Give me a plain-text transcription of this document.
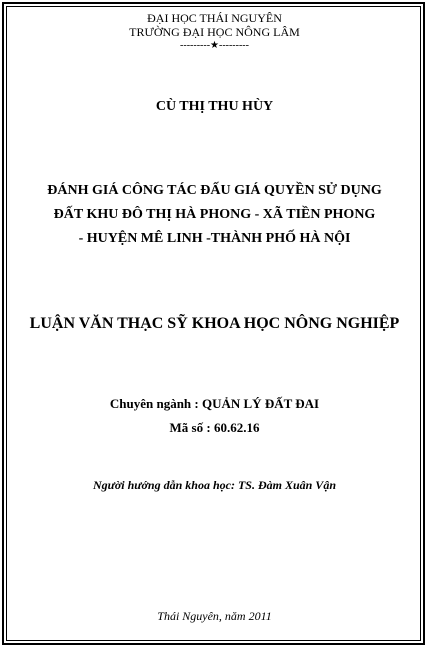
ĐẠI HỌC THÁI NGUYÊN
TRƯỜNG ĐẠI HỌC NÔNG LÂM
---------★---------
CÙ THỊ THU HÙY
ĐÁNH GIÁ CÔNG TÁC ĐẤU GIÁ QUYỀN SỬ DỤNG
ĐẤT KHU ĐÔ THỊ HÀ PHONG - XÃ TIỀN PHONG
- HUYỆN MÊ LINH -THÀNH PHỐ HÀ NỘI
LUẬN VĂN THẠC SỸ KHOA HỌC NÔNG NGHIỆP
Chuyên ngành : QUẢN LÝ ĐẤT ĐAI
Mã số : 60.62.16
Người hướng dẫn khoa học: TS. Đàm Xuân Vận
Thái Nguyên, năm 2011
